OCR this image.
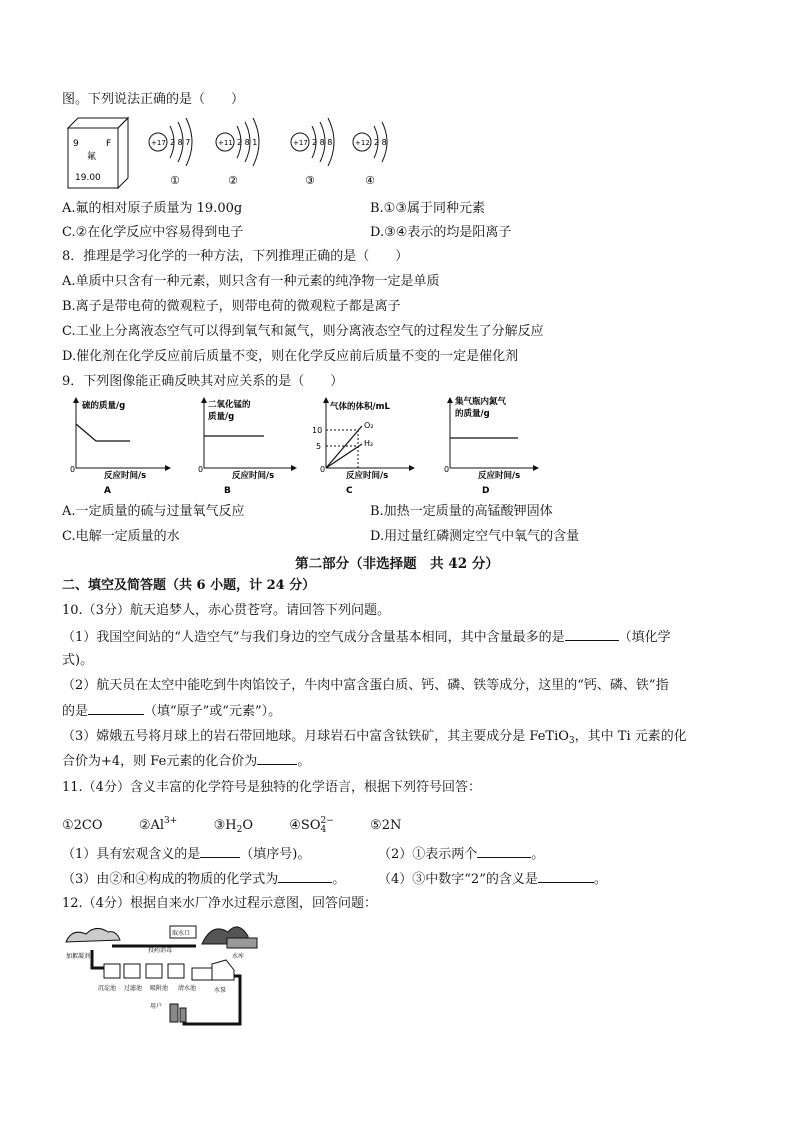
图。下列说法正确的是（　　）
9	F
氟
19.00
+17 2 8 7
①
+11 2 8 1
②
+17 2 8 8
③
+12 2 8
④
A.氟的相对原子质量为 19.00g	B.①③属于同种元素
C.②在化学反应中容易得到电子	D.③④表示的均是阳离子
8．推理是学习化学的一种方法，下列推理正确的是（　　）
A.单质中只含有一种元素，则只含有一种元素的纯净物一定是单质
B.离子是带电荷的微观粒子，则带电荷的微观粒子都是离子
C.工业上分离液态空气可以得到氧气和氮气，则分离液态空气的过程发生了分解反应
D.催化剂在化学反应前后质量不变，则在化学反应前后质量不变的一定是催化剂
9．下列图像能正确反映其对应关系的是（　　）
硫的质量/g
0
反应时间/s
A
二氧化锰的
质量/g
0
反应时间/s
B
气体的体积/mL
10
5
O₂
H₂
0
反应时间/s
C
集气瓶内氮气
的质量/g
0
反应时间/s
D
A.一定质量的硫与过量氧气反应	B.加热一定质量的高锰酸钾固体
C.电解一定质量的水	D.用过量红磷测定空气中氧气的含量
第二部分（非选择题　共 42 分）
二、填空及简答题（共 6 小题，计 24 分）
10.（3分）航天追梦人，赤心贯苍穹。请回答下列问题。
（1）我国空间站的“人造空气”与我们身边的空气成分含量基本相同，其中含量最多的是	（填化学
式)。
（2）航天员在太空中能吃到牛肉馅饺子，牛肉中富含蛋白质、钙、磷、铁等成分，这里的“钙、磷、铁”指
的是	（填“原子”或“元素”）。
（3）嫦娥五号将月球上的岩石带回地球。月球岩石中富含钛铁矿，其主要成分是 FeTiO$_3$，其中 Ti 元素的化
合价为+4，则 Fe元素的化合价为	。
11.（4分）含义丰富的化学符号是独特的化学语言，根据下列符号回答：
①2CO	$②Al^{3+}$	$③H_2O$	④SO 2−
4	⑤2N
（1）具有宏观含义的是	（填序号)。	（2）①表示两个	。
（3）由②和④构成的物质的化学式为	。	（4）③中数字“2”的含义是	。
12.（4分）根据自来水厂净水过程示意图，回答问题：
取水口
投药消毒
水库
加絮凝剂
沉淀池 过滤池 吸附池 清水池	水泵
用户
